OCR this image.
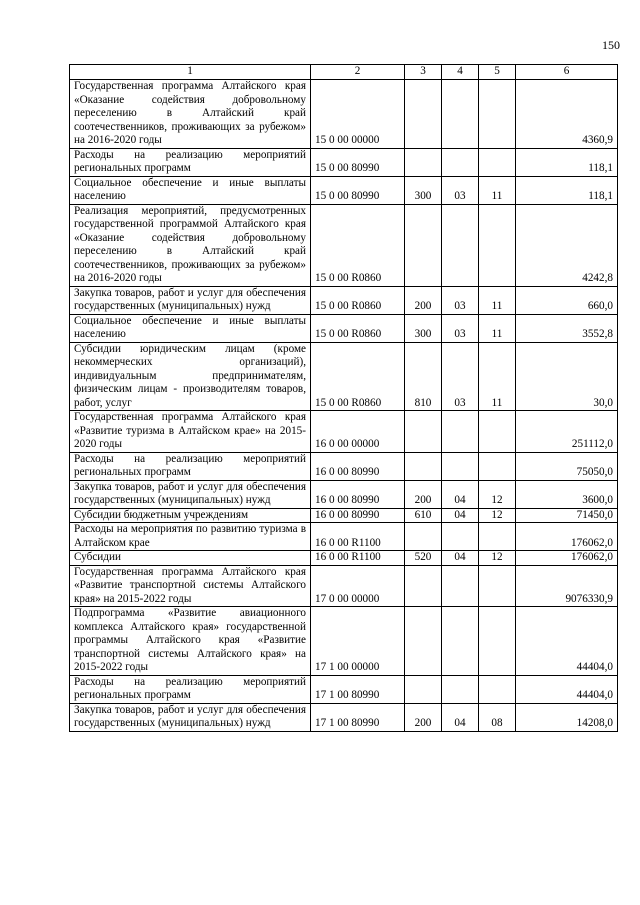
150
1	2	3	4	5	6
Государственная программа Алтайского края «Оказание содействия добровольному переселению в Алтайский край соотечественников, проживающих за рубежом» на 2016-2020 годы	15 0 00 00000				4360,9
Расходы на реализацию мероприятий региональных программ	15 0 00 80990				118,1
Социальное обеспечение и иные выплаты населению	15 0 00 80990	300	03	11	118,1
Реализация мероприятий, предусмотренных государственной программой Алтайского края «Оказание содействия добровольному переселению в Алтайский край соотечественников, проживающих за рубежом» на 2016-2020 годы	15 0 00 R0860				4242,8
Закупка товаров, работ и услуг для обеспечения государственных (муниципальных) нужд	15 0 00 R0860	200	03	11	660,0
Социальное обеспечение и иные выплаты населению	15 0 00 R0860	300	03	11	3552,8
Субсидии юридическим лицам (кроме некоммерческих организаций), индивидуальным предпринимателям, физическим лицам - производителям товаров, работ, услуг	15 0 00 R0860	810	03	11	30,0
Государственная программа Алтайского края «Развитие туризма в Алтайском крае» на 2015-2020 годы	16 0 00 00000				251112,0
Расходы на реализацию мероприятий региональных программ	16 0 00 80990				75050,0
Закупка товаров, работ и услуг для обеспечения государственных (муниципальных) нужд	16 0 00 80990	200	04	12	3600,0
Субсидии бюджетным учреждениям	16 0 00 80990	610	04	12	71450,0
Расходы на мероприятия по развитию туризма в Алтайском крае	16 0 00 R1100				176062,0
Субсидии	16 0 00 R1100	520	04	12	176062,0
Государственная программа Алтайского края «Развитие транспортной системы Алтайского края» на 2015-2022 годы	17 0 00 00000				9076330,9
Подпрограмма «Развитие авиационного комплекса Алтайского края» государственной программы Алтайского края «Развитие транспортной системы Алтайского края» на 2015-2022 годы	17 1 00 00000				44404,0
Расходы на реализацию мероприятий региональных программ	17 1 00 80990				44404,0
Закупка товаров, работ и услуг для обеспечения государственных (муниципальных) нужд	17 1 00 80990	200	04	08	14208,0
